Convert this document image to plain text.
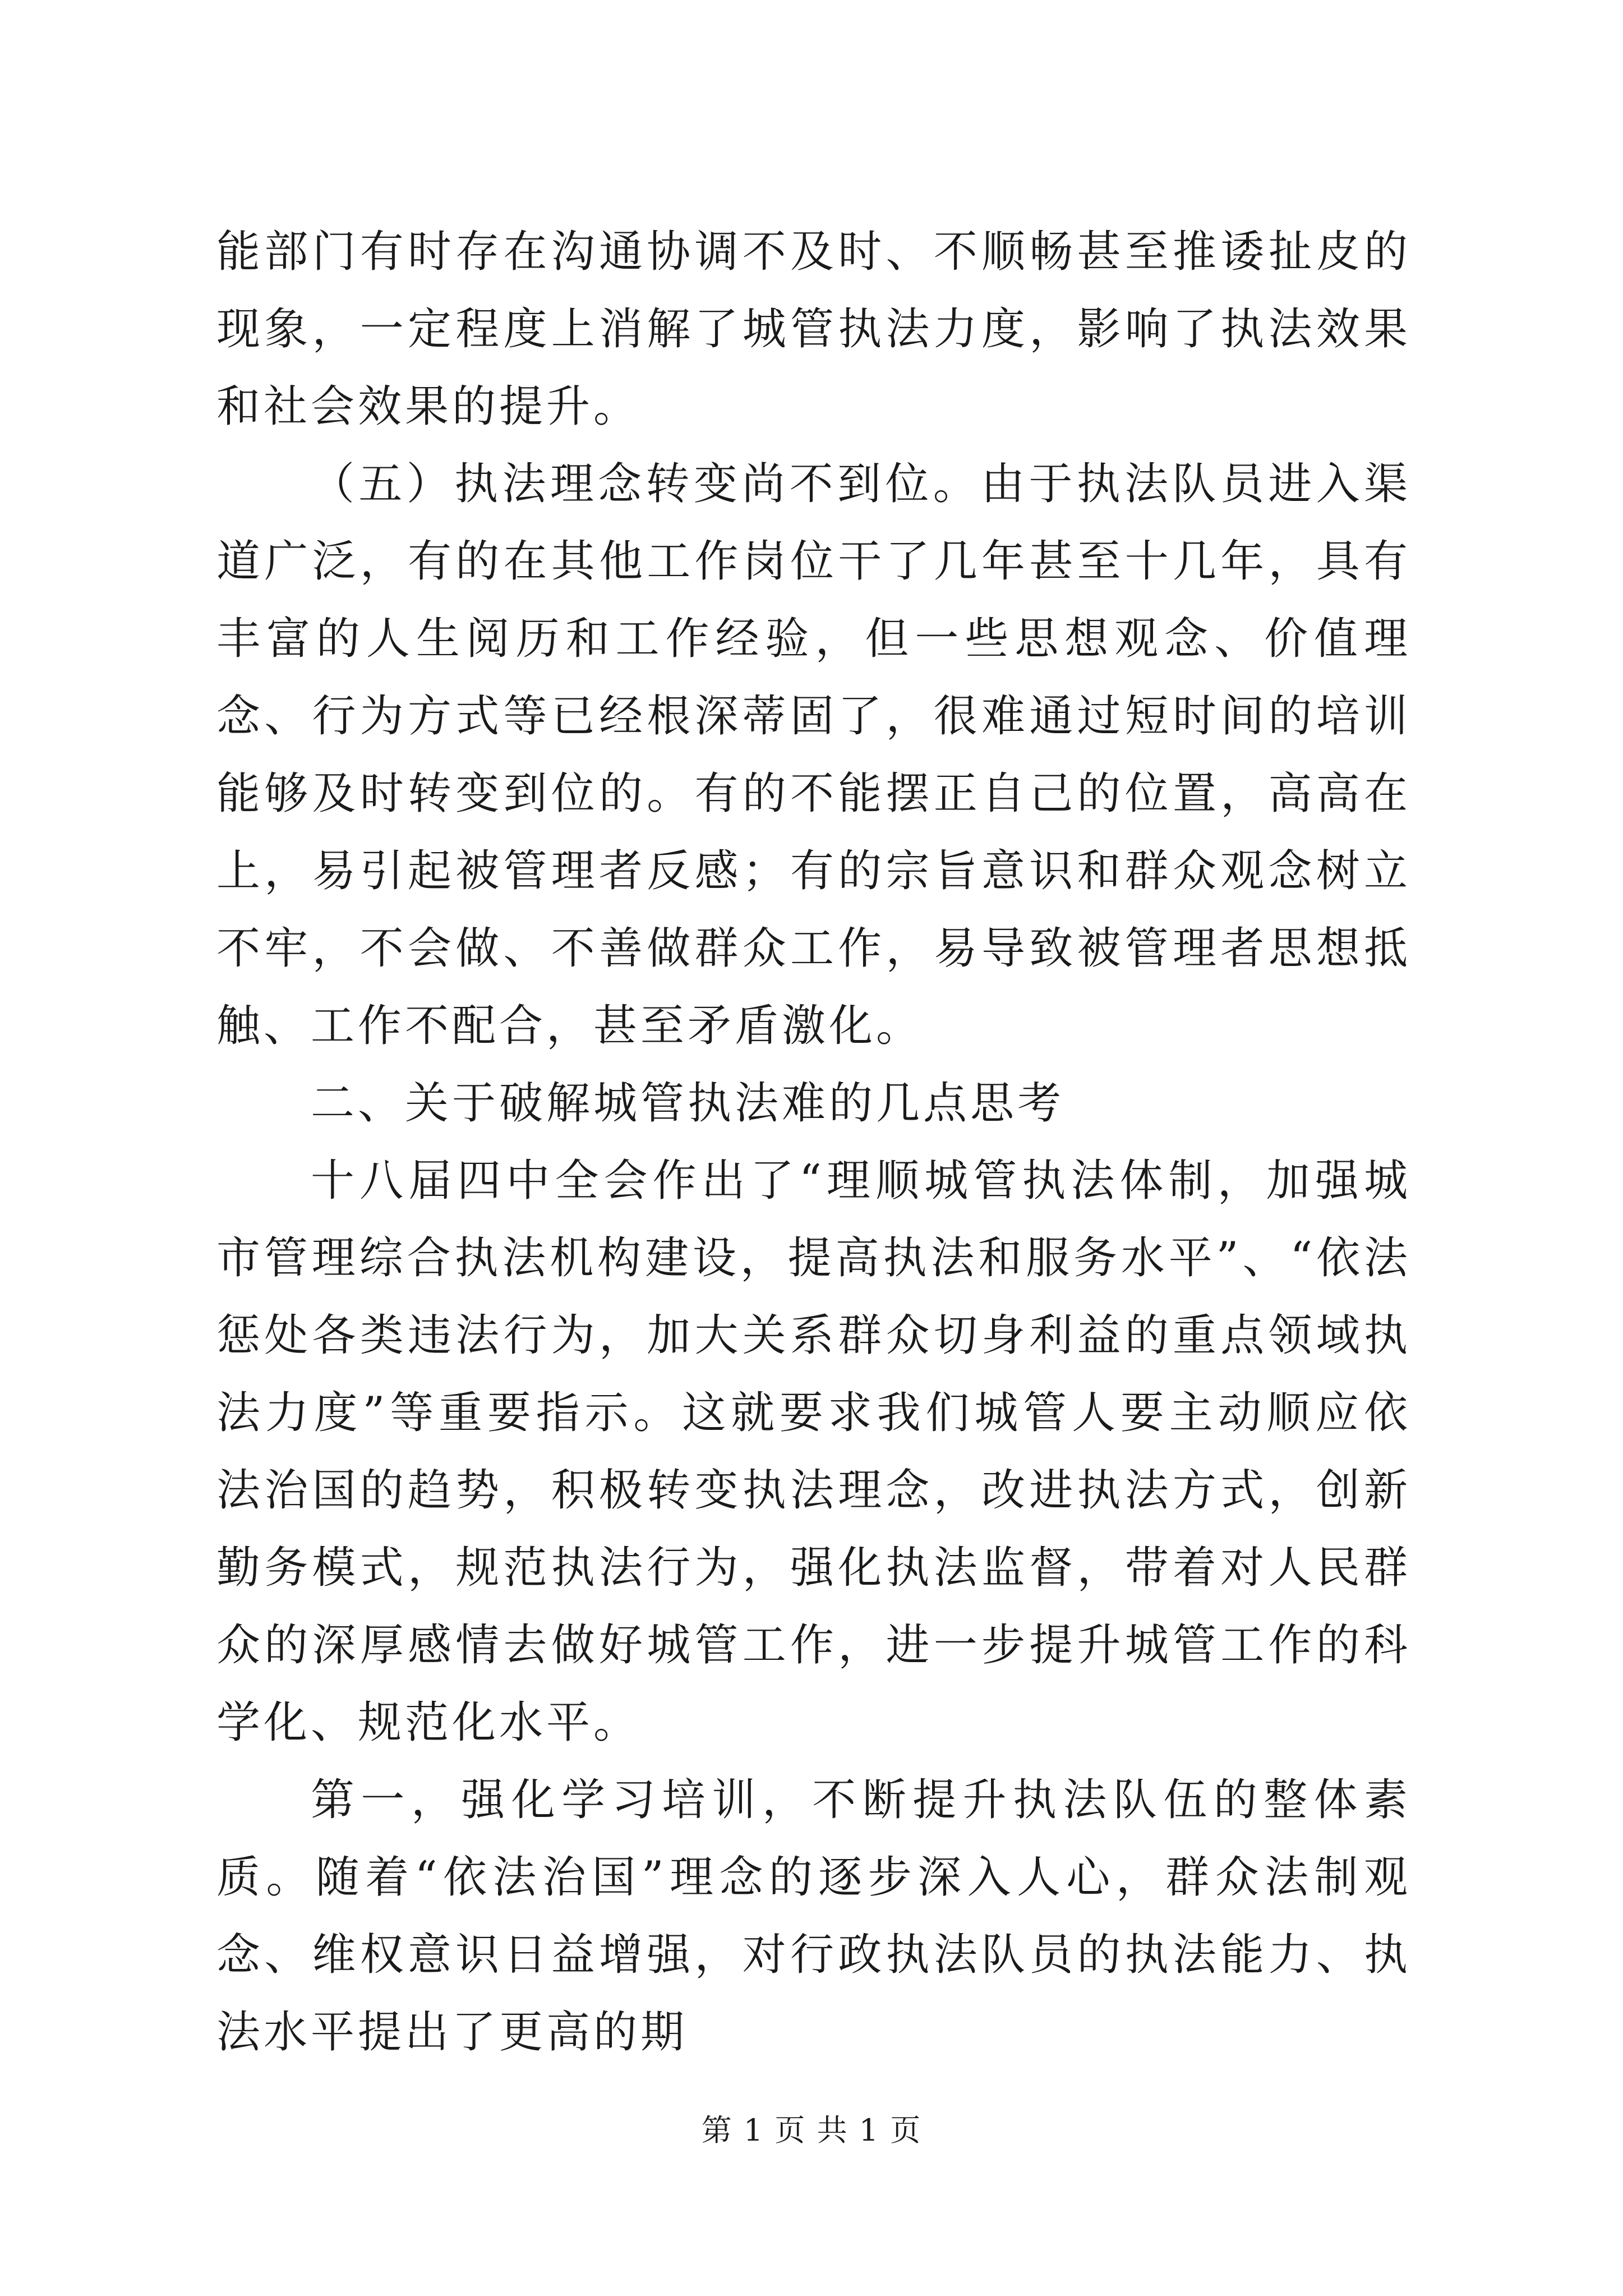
能部门有时存在沟通协调不及时、不顺畅甚至推诿扯皮的现象，一定程度上消解了城管执法力度，影响了执法效果和社会效果的提升。

（五）执法理念转变尚不到位。由于执法队员进入渠道广泛，有的在其他工作岗位干了几年甚至十几年，具有丰富的人生阅历和工作经验，但一些思想观念、价值理念、行为方式等已经根深蒂固了，很难通过短时间的培训能够及时转变到位的。有的不能摆正自己的位置，高高在上，易引起被管理者反感；有的宗旨意识和群众观念树立不牢，不会做、不善做群众工作，易导致被管理者思想抵触、工作不配合，甚至矛盾激化。

二、关于破解城管执法难的几点思考

十八届四中全会作出了“理顺城管执法体制，加强城市管理综合执法机构建设，提高执法和服务水平”、“依法惩处各类违法行为，加大关系群众切身利益的重点领域执法力度”等重要指示。这就要求我们城管人要主动顺应依法治国的趋势，积极转变执法理念，改进执法方式，创新勤务模式，规范执法行为，强化执法监督，带着对人民群众的深厚感情去做好城管工作，进一步提升城管工作的科学化、规范化水平。

第一，强化学习培训，不断提升执法队伍的整体素质。随着“依法治国”理念的逐步深入人心，群众法制观念、维权意识日益增强，对行政执法队员的执法能力、执法水平提出了更高的期

第 1 页 共 1 页
